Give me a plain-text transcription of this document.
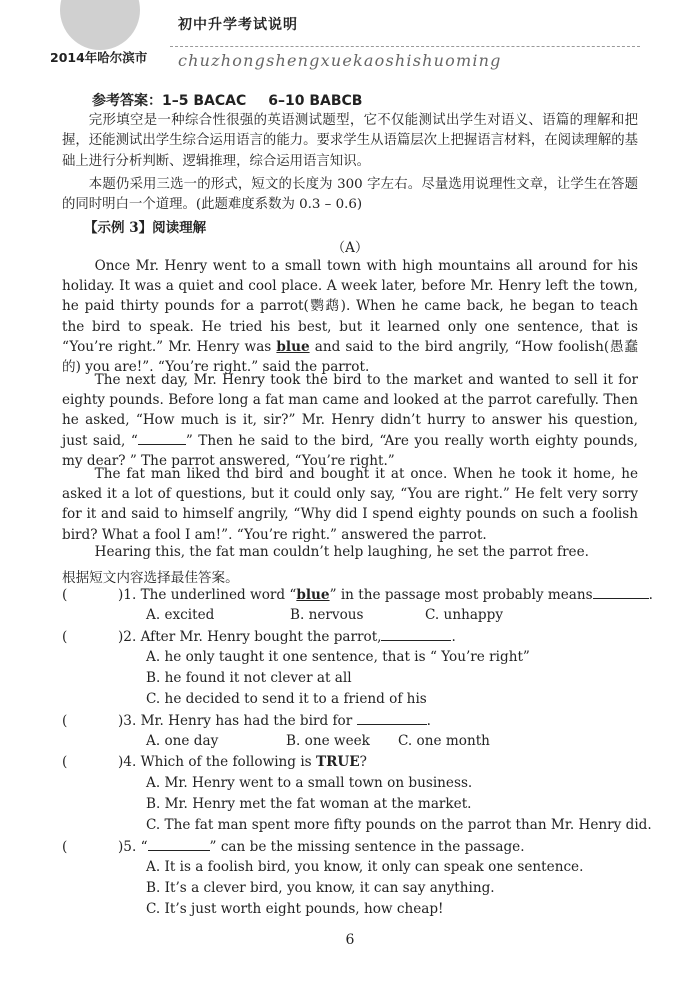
初中升学考试说明
2014年哈尔滨市 chuzhongshengxuekaoshishuoming
参考答案：1–5 BACAC 6–10 BABCB
完形填空是一种综合性很强的英语测试题型，它不仅能测试出学生对语义、语篇的理解和把握，还能测试出学生综合运用语言的能力。要求学生从语篇层次上把握语言材料，在阅读理解的基础上进行分析判断、逻辑推理，综合运用语言知识。
本题仍采用三选一的形式，短文的长度为 300 字左右。尽量选用说理性文章，让学生在答题的同时明白一个道理。(此题难度系数为 0.3 – 0.6)
【示例 3】阅读理解
（A）

Once Mr. Henry went to a small town with high mountains all around for his holiday. It was a quiet and cool place. A week later, before Mr. Henry left the town, he paid thirty pounds for a parrot(鹦鹉). When he came back, he began to teach the bird to speak. He tried his best, but it learned only one sentence, that is “You’re right.” Mr. Henry was blue and said to the bird angrily, “How foolish(愚蠢的) you are!”. “You’re right.” said the parrot.

The next day, Mr. Henry took the bird to the market and wanted to sell it for eighty pounds. Before long a fat man came and looked at the parrot carefully. Then he asked, “How much is it, sir?” Mr. Henry didn’t hurry to answer his question, just said, “	” Then he said to the bird, “Are you really worth eighty pounds, my dear? ” The parrot answered, “You’re right.”

The fat man liked thd bird and bought it at once. When he took it home, he asked it a lot of questions, but it could only say, “You are right.” He felt very sorry for it and said to himself angrily, “Why did I spend eighty pounds on such a foolish bird? What a fool I am!”. “You’re right.” answered the parrot.

Hearing this, the fat man couldn’t help laughing, he set the parrot free.

根据短文内容选择最佳答案。
(	)1. The underlined word “blue” in the passage most probably means	.
A. excited	B. nervous	C. unhappy
(	)2. After Mr. Henry bought the parrot,	.
A. he only taught it one sentence, that is “ You’re right”
B. he found it not clever at all
C. he decided to send it to a friend of his
(	)3. Mr. Henry has had the bird for	.
A. one day	B. one week C. one month
(	)4. Which of the following is TRUE?
A. Mr. Henry went to a small town on business.
B. Mr. Henry met the fat woman at the market.
C. The fat man spent more fifty pounds on the parrot than Mr. Henry did.
(	)5. “	” can be the missing sentence in the passage.
A. It is a foolish bird, you know, it only can speak one sentence.
B. It’s a clever bird, you know, it can say anything.
C. It’s just worth eight pounds, how cheap!
6
